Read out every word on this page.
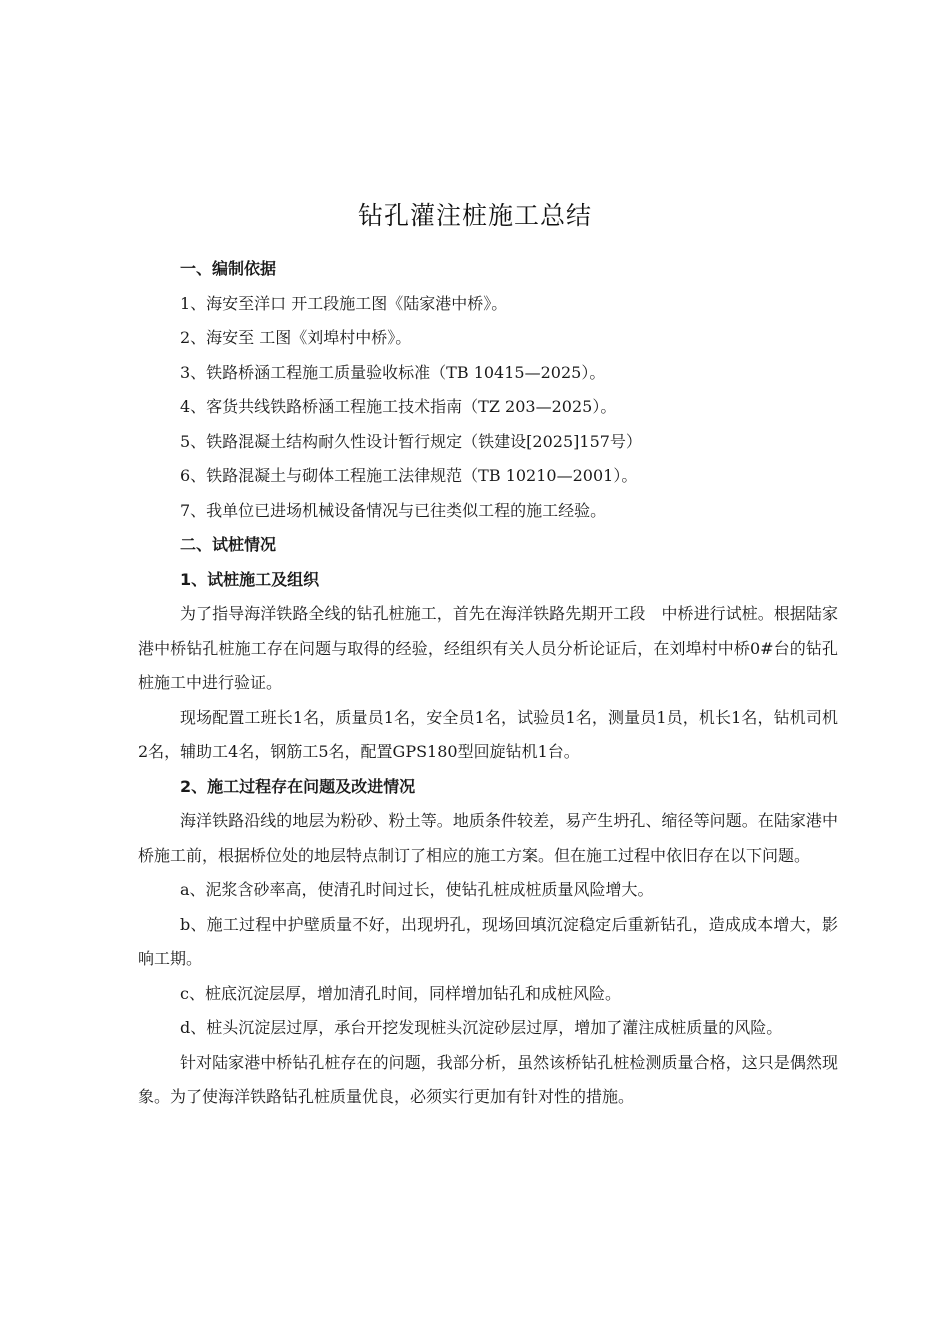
钻孔灌注桩施工总结
一、编制依据
1、海安至洋口 开工段施工图《陆家港中桥》。
2、海安至 工图《刘埠村中桥》。
3、铁路桥涵工程施工质量验收标准（TB 10415—2025）。
4、客货共线铁路桥涵工程施工技术指南（TZ 203—2025）。
5、铁路混凝土结构耐久性设计暂行规定（铁建设[2025]157号）
6、铁路混凝土与砌体工程施工法律规范（TB 10210—2001）。
7、我单位已进场机械设备情况与已往类似工程的施工经验。
二、试桩情况
1、试桩施工及组织
为了指导海洋铁路全线的钻孔桩施工，首先在海洋铁路先期开工段　中桥进行试桩。根据陆家港中桥钻孔桩施工存在问题与取得的经验，经组织有关人员分析论证后，在刘埠村中桥0#台的钻孔桩施工中进行验证。
现场配置工班长1名，质量员1名，安全员1名，试验员1名，测量员1员，机长1名，钻机司机2名，辅助工4名，钢筋工5名，配置GPS180型回旋钻机1台。
2、施工过程存在问题及改进情况
海洋铁路沿线的地层为粉砂、粉土等。地质条件较差，易产生坍孔、缩径等问题。在陆家港中桥施工前，根据桥位处的地层特点制订了相应的施工方案。但在施工过程中依旧存在以下问题。
a、泥浆含砂率高，使清孔时间过长，使钻孔桩成桩质量风险增大。
b、施工过程中护壁质量不好，出现坍孔，现场回填沉淀稳定后重新钻孔，造成成本增大，影响工期。
c、桩底沉淀层厚，增加清孔时间，同样增加钻孔和成桩风险。
d、桩头沉淀层过厚，承台开挖发现桩头沉淀砂层过厚，增加了灌注成桩质量的风险。
针对陆家港中桥钻孔桩存在的问题，我部分析，虽然该桥钻孔桩检测质量合格，这只是偶然现象。为了使海洋铁路钻孔桩质量优良，必须实行更加有针对性的措施。
